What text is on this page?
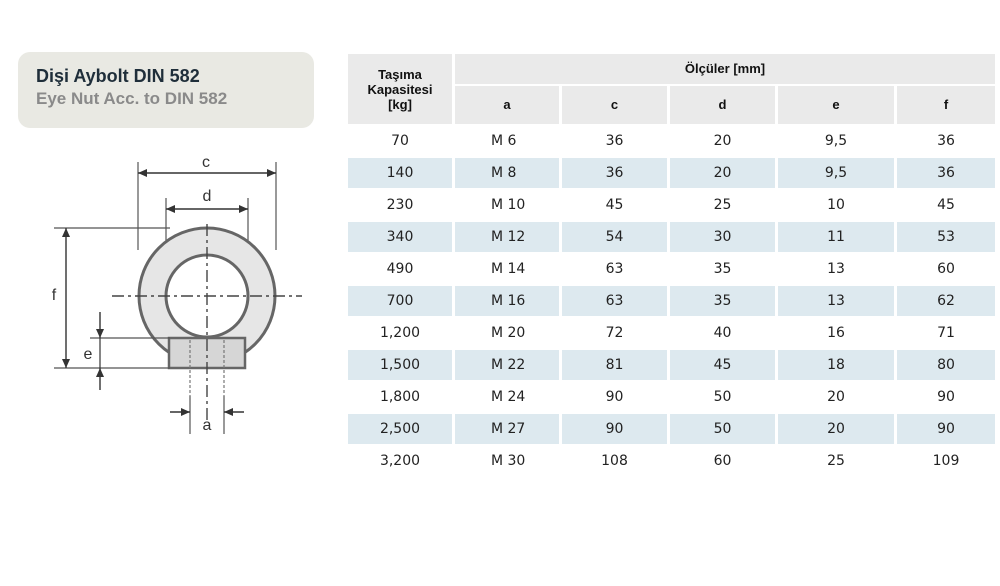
Dişi Aybolt DIN 582
Eye Nut Acc. to DIN 582
c
d
f
e
a
Taşıma
Kapasitesi
[kg]	Ölçüler [mm]				
	a	c	d	e	f
70	M 6	36	20	9,5	36
140	M 8	36	20	9,5	36
230	M 10	45	25	10	45
340	M 12	54	30	11	53
490	M 14	63	35	13	60
700	M 16	63	35	13	62
1,200	M 20	72	40	16	71
1,500	M 22	81	45	18	80
1,800	M 24	90	50	20	90
2,500	M 27	90	50	20	90
3,200	M 30	108	60	25	109
